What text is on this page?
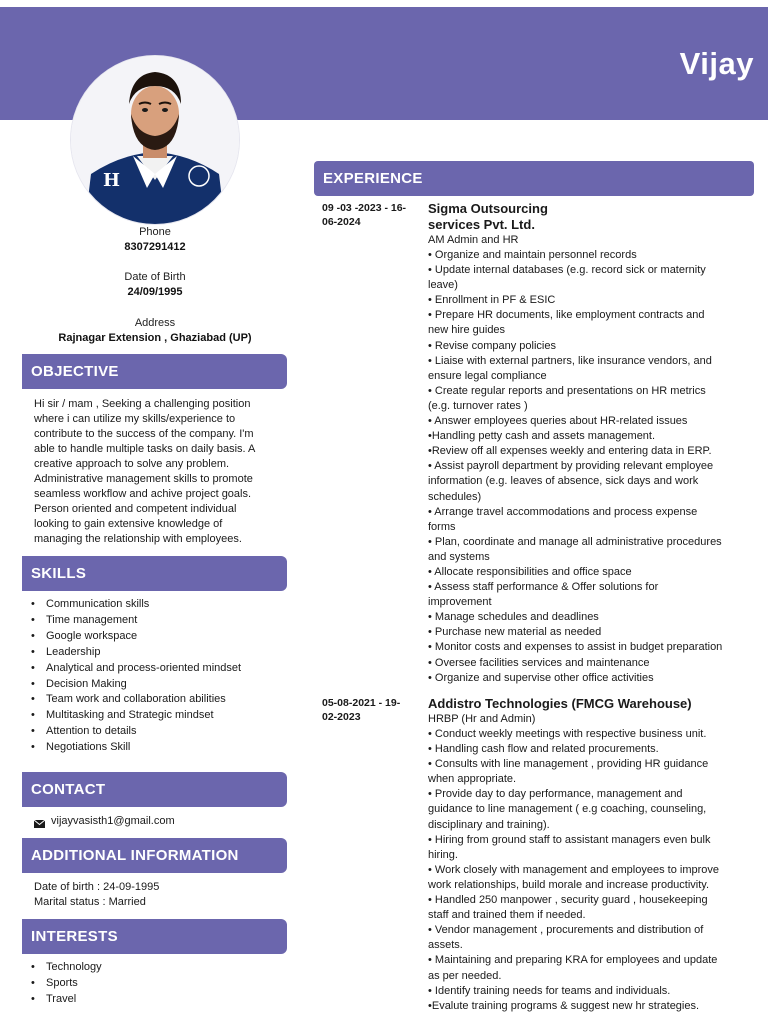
Vijay
H
Phone
8307291412
Date of Birth
24/09/1995
Address
Rajnagar Extension , Ghaziabad (UP)
OBJECTIVE
Hi sir / mam , Seeking a challenging position
where i can utilize my skills/experience to
contribute to the success of the company. I'm
able to handle multiple tasks on daily basis. A
creative approach to solve any problem.
Administrative management skills to promote
seamless workflow and achive project goals.
Person oriented and competent individual
looking to gain extensive knowledge of
managing the relationship with employees.
SKILLS
• Communication skills
• Time management
• Google workspace
• Leadership
• Analytical and process-oriented mindset
• Decision Making
• Team work and collaboration abilities
• Multitasking and Strategic mindset
• Attention to details
• Negotiations Skill
CONTACT
vijayvasisth1@gmail.com
ADDITIONAL INFORMATION
Date of birth : 24-09-1995
Marital status : Married
INTERESTS
• Technology
• Sports
• Travel
EXPERIENCE
09 -03 -2023 - 16-
06-2024
Sigma Outsourcing
services Pvt. Ltd.
AM Admin and HR
• Organize and maintain personnel records
• Update internal databases (e.g. record sick or maternity
leave)
• Enrollment in PF & ESIC
• Prepare HR documents, like employment contracts and
new hire guides
• Revise company policies
• Liaise with external partners, like insurance vendors, and
ensure legal compliance
• Create regular reports and presentations on HR metrics
(e.g. turnover rates )
• Answer employees queries about HR-related issues
•Handling petty cash and assets management.
•Review off all expenses weekly and entering data in ERP.
• Assist payroll department by providing relevant employee
information (e.g. leaves of absence, sick days and work
schedules)
• Arrange travel accommodations and process expense
forms
• Plan, coordinate and manage all administrative procedures
and systems
• Allocate responsibilities and office space
• Assess staff performance & Offer solutions for
improvement
• Manage schedules and deadlines
• Purchase new material as needed
• Monitor costs and expenses to assist in budget preparation
• Oversee facilities services and maintenance
• Organize and supervise other office activities
05-08-2021 - 19-
02-2023
Addistro Technologies (FMCG Warehouse)
HRBP (Hr and Admin)
• Conduct weekly meetings with respective business unit.
• Handling cash flow and related procurements.
• Consults with line management , providing HR guidance
when appropriate.
• Provide day to day performance, management and
guidance to line management ( e.g coaching, counseling,
disciplinary and training).
• Hiring from ground staff to assistant managers even bulk
hiring.
• Work closely with management and employees to improve
work relationships, build morale and increase productivity.
• Handled 250 manpower , security guard , housekeeping
staff and trained them if needed.
• Vendor management , procurements and distribution of
assets.
• Maintaining and preparing KRA for employees and update
as per needed.
• Identify training needs for teams and individuals.
•Evalute training programs & suggest new hr strategies.
